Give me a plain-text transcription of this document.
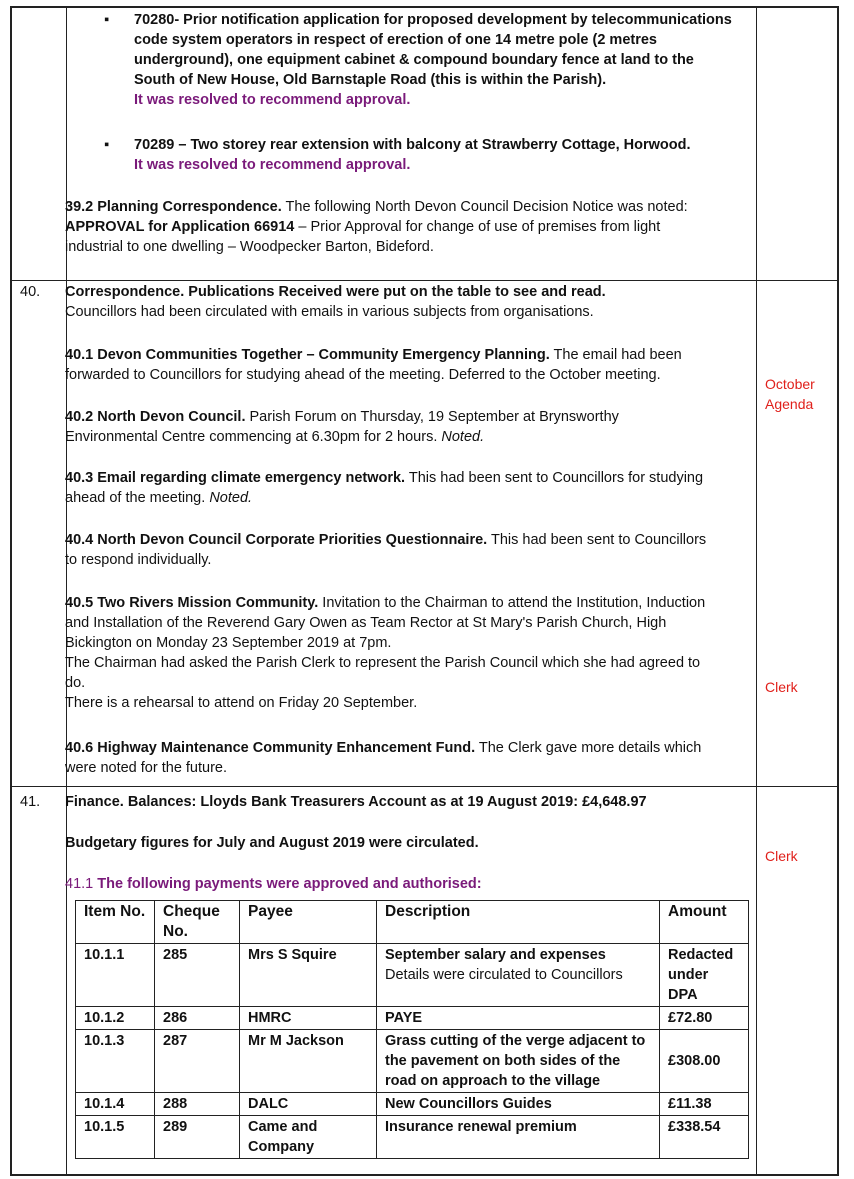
▪ 70280- Prior notification application for proposed development by telecommunications

code system operators in respect of erection of one 14 metre pole (2 metres

underground), one equipment cabinet & compound boundary fence at land to the

South of New House, Old Barnstaple Road (this is within the Parish).

It was resolved to recommend approval.

▪ 70289 – Two storey rear extension with balcony at Strawberry Cottage, Horwood.

It was resolved to recommend approval.

39.2 Planning Correspondence. The following North Devon Council Decision Notice was noted:

APPROVAL for Application 66914 – Prior Approval for change of use of premises from light

industrial to one dwelling – Woodpecker Barton, Bideford.

40. Correspondence. Publications Received were put on the table to see and read.

Councillors had been circulated with emails in various subjects from organisations.

40.1 Devon Communities Together – Community Emergency Planning. The email had been

forwarded to Councillors for studying ahead of the meeting. Deferred to the October meeting.

40.2 North Devon Council. Parish Forum on Thursday, 19 September at Brynsworthy

Environmental Centre commencing at 6.30pm for 2 hours. Noted.

40.3 Email regarding climate emergency network. This had been sent to Councillors for studying

ahead of the meeting. Noted.

40.4 North Devon Council Corporate Priorities Questionnaire. This had been sent to Councillors

to respond individually.

40.5 Two Rivers Mission Community. Invitation to the Chairman to attend the Institution, Induction

and Installation of the Reverend Gary Owen as Team Rector at St Mary's Parish Church, High

Bickington on Monday 23 September 2019 at 7pm.

The Chairman had asked the Parish Clerk to represent the Parish Council which she had agreed to

do.

There is a rehearsal to attend on Friday 20 September.

40.6 Highway Maintenance Community Enhancement Fund. The Clerk gave more details which

were noted for the future.

October

Agenda

Clerk
41. Finance. Balances: Lloyds Bank Treasurers Account as at 19 August 2019: £4,648.97
Budgetary figures for July and August 2019 were circulated.
41.1 The following payments were approved and authorised:
Clerk
Item No.	Cheque No.	Payee	Description	Amount
10.1.1	285	Mrs S Squire	September salary and expenses
Details were circulated to Councillors	Redacted under DPA
10.1.2	286	HMRC	PAYE	£72.80
10.1.3	287	Mr M Jackson	Grass cutting of the verge adjacent to the pavement on both sides of the road on approach to the village	£308.00
10.1.4	288	DALC	New Councillors Guides	£11.38
10.1.5	289	Came and Company	Insurance renewal premium	£338.54
